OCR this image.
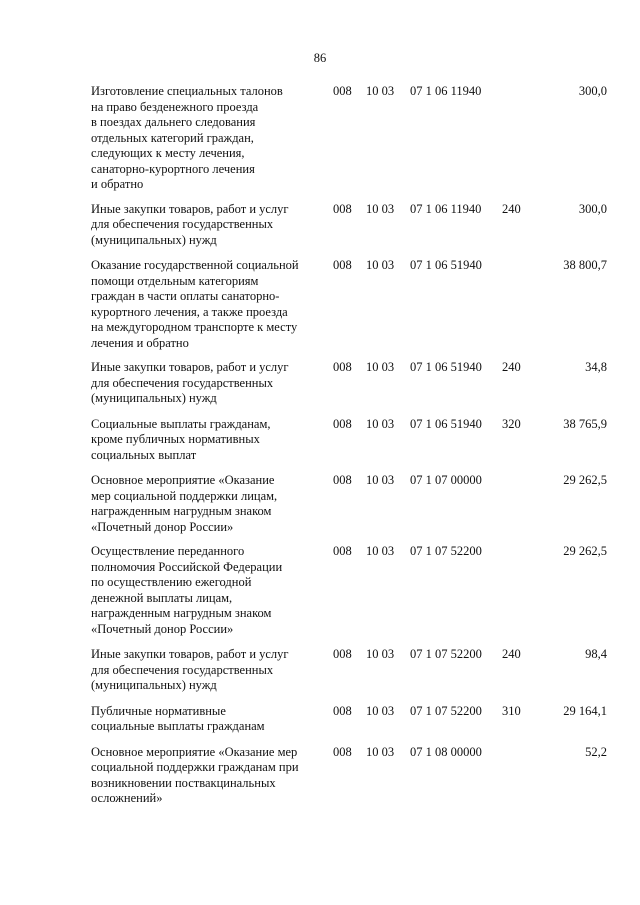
86
Изготовление специальных талонов
на право безденежного проезда
в поездах дальнего следования
отдельных категорий граждан,
следующих к месту лечения,
санаторно-курортного лечения
и обратно
008 10 03 07 1 06 11940	300,0
Иные закупки товаров, работ и услуг
для обеспечения государственных
(муниципальных) нужд
008 10 03 07 1 06 11940 240	300,0
Оказание государственной социальной
помощи отдельным категориям
граждан в части оплаты санаторно-
курортного лечения, а также проезда
на междугородном транспорте к месту
лечения и обратно
008 10 03 07 1 06 51940	38 800,7
Иные закупки товаров, работ и услуг
для обеспечения государственных
(муниципальных) нужд
008 10 03 07 1 06 51940 240	34,8
Социальные выплаты гражданам,
кроме публичных нормативных
социальных выплат
008 10 03 07 1 06 51940 320	38 765,9
Основное мероприятие «Оказание
мер социальной поддержки лицам,
награжденным нагрудным знаком
«Почетный донор России»
008 10 03 07 1 07 00000	29 262,5
Осуществление переданного
полномочия Российской Федерации
по осуществлению ежегодной
денежной выплаты лицам,
награжденным нагрудным знаком
«Почетный донор России»
008 10 03 07 1 07 52200	29 262,5
Иные закупки товаров, работ и услуг
для обеспечения государственных
(муниципальных) нужд
008 10 03 07 1 07 52200 240	98,4
Публичные нормативные
социальные выплаты гражданам
008 10 03 07 1 07 52200 310	29 164,1
Основное мероприятие «Оказание мер
социальной поддержки гражданам при
возникновении поствакцинальных
осложнений»
008 10 03 07 1 08 00000	52,2
